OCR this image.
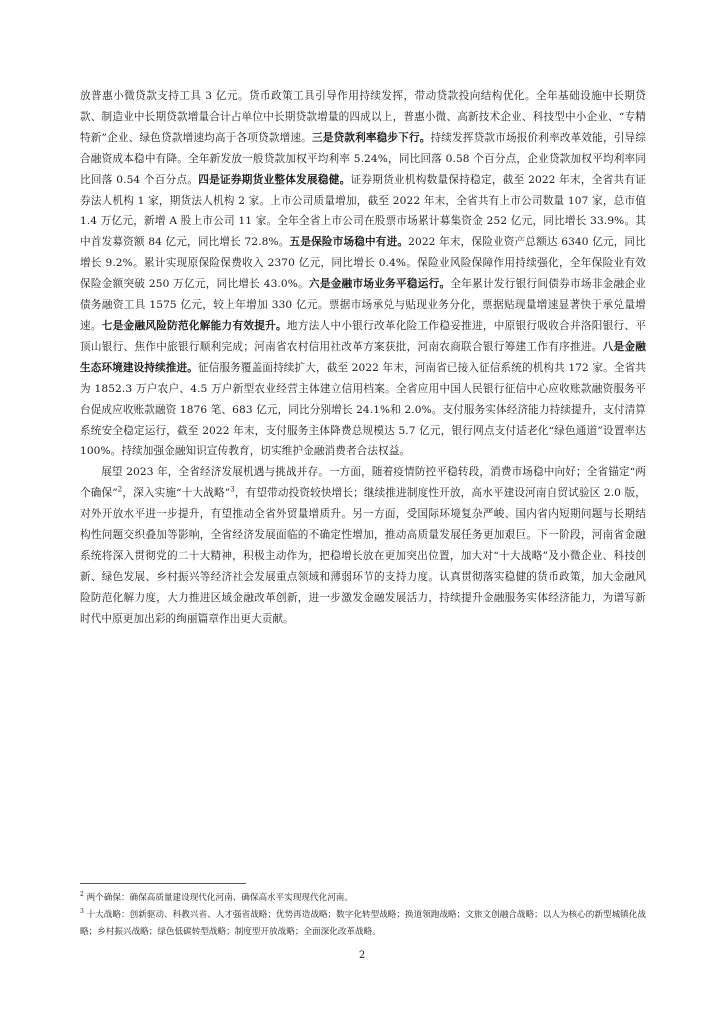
放普惠小微贷款支持工具 3 亿元。货币政策工具引导作用持续发挥，带动贷款投向结构优化。全年基础设施中长期贷款、制造业中长期贷款增量合计占单位中长期贷款增量的四成以上，普惠小微、高新技术企业、科技型中小企业、“专精特新”企业、绿色贷款增速均高于各项贷款增速。三是贷款利率稳步下行。持续发挥贷款市场报价利率改革效能，引导综合融资成本稳中有降。全年新发放一般贷款加权平均利率 5.24%，同比回落 0.58 个百分点，企业贷款加权平均利率同比回落 0.54 个百分点。四是证券期货业整体发展稳健。证券期货业机构数量保持稳定，截至 2022 年末，全省共有证券法人机构 1 家，期货法人机构 2 家。上市公司质量增加，截至 2022 年末，全省共有上市公司数量 107 家，总市值 1.4 万亿元，新增 A 股上市公司 11 家。全年全省上市公司在股票市场累计募集资金 252 亿元，同比增长 33.9%。其中首发募资额 84 亿元，同比增长 72.8%。五是保险市场稳中有进。2022 年末，保险业资产总额达 6340 亿元，同比增长 9.2%。累计实现原保险保费收入 2370 亿元，同比增长 0.4%。保险业风险保障作用持续强化，全年保险业有效保险金额突破 250 万亿元，同比增长 43.0%。六是金融市场业务平稳运行。全年累计发行银行间债券市场非金融企业债务融资工具 1575 亿元，较上年增加 330 亿元。票据市场承兑与贴现业务分化，票据贴现量增速显著快于承兑量增速。七是金融风险防范化解能力有效提升。地方法人中小银行改革化险工作稳妥推进，中原银行吸收合并洛阳银行、平顶山银行、焦作中旅银行顺利完成；河南省农村信用社改革方案获批，河南农商联合银行筹建工作有序推进。八是金融生态环境建设持续推进。征信服务覆盖面持续扩大，截至 2022 年末，河南省已接入征信系统的机构共 172 家。全省共为 1852.3 万户农户、4.5 万户新型农业经营主体建立信用档案。全省应用中国人民银行征信中心应收账款融资服务平台促成应收账款融资 1876 笔、683 亿元，同比分别增长 24.1%和 2.0%。支付服务实体经济能力持续提升，支付清算系统安全稳定运行，截至 2022 年末，支付服务主体降费总规模达 5.7 亿元，银行网点支付适老化“绿色通道”设置率达 100%。持续加强金融知识宣传教育，切实维护金融消费者合法权益。

展望 2023 年，全省经济发展机遇与挑战并存。一方面，随着疫情防控平稳转段，消费市场稳中向好；全省锚定“两个确保”$^2$，深入实施“十大战略”$^3$，有望带动投资较快增长；继续推进制度性开放，高水平建设河南自贸试验区 2.0 版，对外开放水平进一步提升，有望推动全省外贸量增质升。另一方面，受国际环境复杂严峻、国内省内短期问题与长期结构性问题交织叠加等影响，全省经济发展面临的不确定性增加，推动高质量发展任务更加艰巨。下一阶段，河南省金融系统将深入贯彻党的二十大精神，积极主动作为，把稳增长放在更加突出位置，加大对“十大战略”及小微企业、科技创新、绿色发展、乡村振兴等经济社会发展重点领域和薄弱环节的支持力度。认真贯彻落实稳健的货币政策，加大金融风险防范化解力度，大力推进区域金融改革创新，进一步激发金融发展活力，持续提升金融服务实体经济能力，为谱写新时代中原更加出彩的绚丽篇章作出更大贡献。

$^2$ 两个确保：确保高质量建设现代化河南、确保高水平实现现代化河南。

$^3$ 十大战略：创新驱动、科教兴省、人才强省战略；优势再造战略；数字化转型战略；换道领跑战略；文旅文创融合战略；以人为核心的新型城镇化战略；乡村振兴战略；绿色低碳转型战略；制度型开放战略；全面深化改革战略。

2
